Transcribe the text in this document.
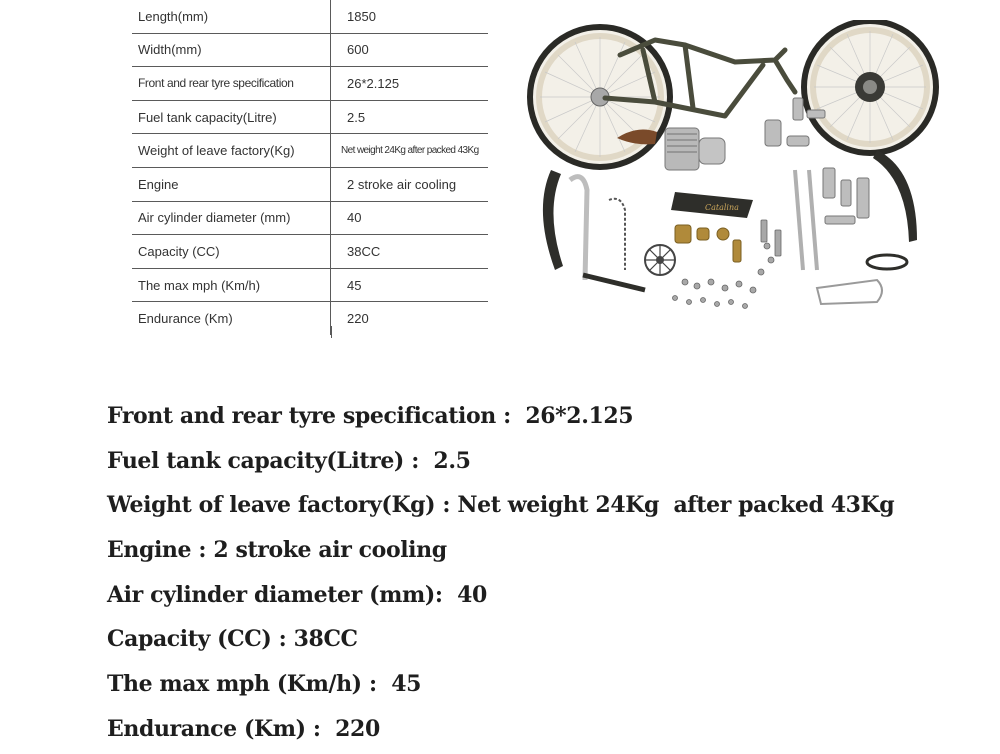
Length(mm)	1850
Width(mm)	600
Front and rear tyre specification	26*2.125
Fuel tank capacity(Litre)	2.5
Weight of leave factory(Kg)	Net weight 24Kg after packed 43Kg
Engine	2 stroke air cooling
Air cylinder diameter (mm)	40
Capacity (CC)	38CC
The max mph (Km/h)	45
Endurance (Km)	220
Catalina
Front and rear tyre specification :  26*2.125
Fuel tank capacity(Litre) :  2.5
Weight of leave factory(Kg) : Net weight 24Kg  after packed 43Kg
Engine : 2 stroke air cooling
Air cylinder diameter (mm):  40
Capacity (CC) : 38CC
The max mph (Km/h) :  45
Endurance (Km) :  220
